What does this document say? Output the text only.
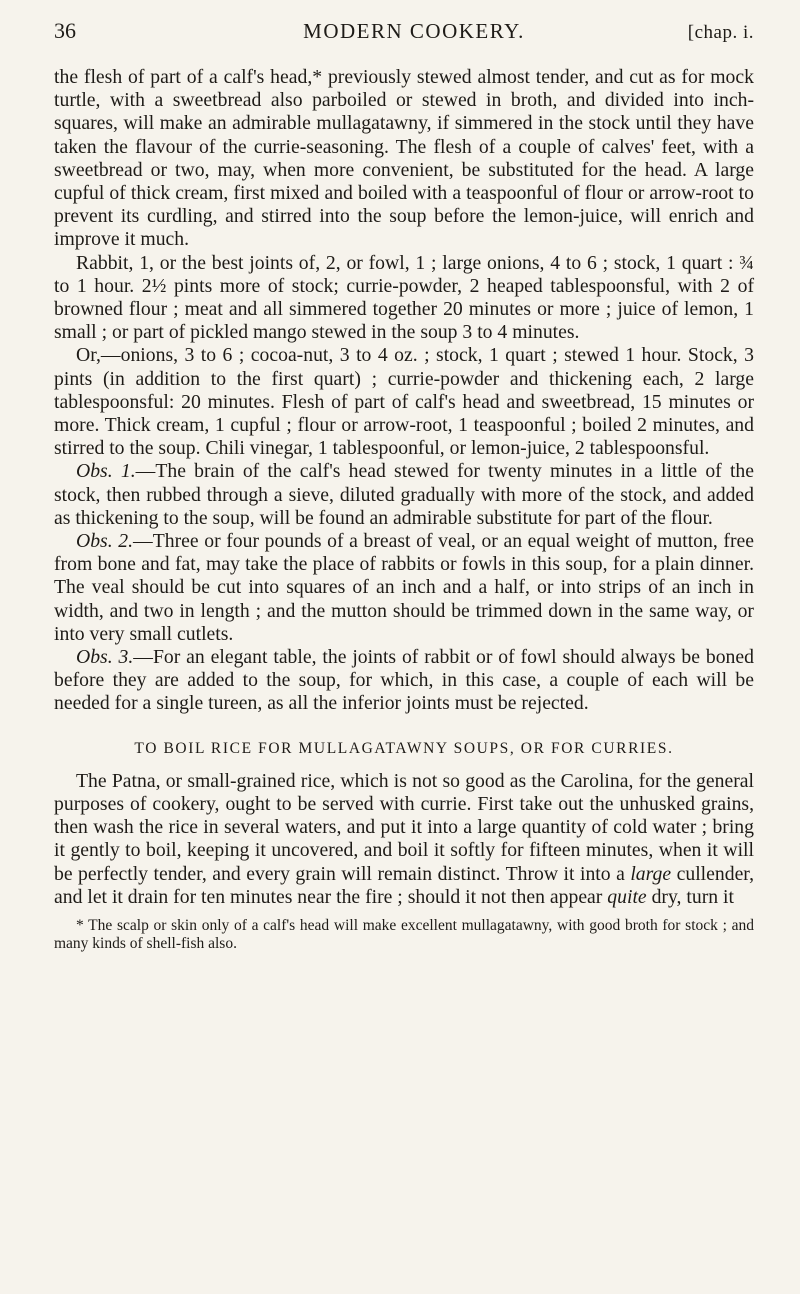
36	MODERN COOKERY.	[chap. i.

the flesh of part of a calf's head,* previously stewed almost tender, and cut as for mock turtle, with a sweetbread also parboiled or stewed in broth, and divided into inch-squares, will make an admirable mullagatawny, if simmered in the stock until they have taken the flavour of the currie-seasoning. The flesh of a couple of calves' feet, with a sweetbread or two, may, when more convenient, be substituted for the head. A large cupful of thick cream, first mixed and boiled with a teaspoonful of flour or arrow-root to prevent its curdling, and stirred into the soup before the lemon-juice, will enrich and improve it much.

Rabbit, 1, or the best joints of, 2, or fowl, 1 ; large onions, 4 to 6 ; stock, 1 quart : ¾ to 1 hour. 2½ pints more of stock; currie-powder, 2 heaped tablespoonsful, with 2 of browned flour ; meat and all simmered together 20 minutes or more ; juice of lemon, 1 small ; or part of pickled mango stewed in the soup 3 to 4 minutes.

Or,—onions, 3 to 6 ; cocoa-nut, 3 to 4 oz. ; stock, 1 quart ; stewed 1 hour. Stock, 3 pints (in addition to the first quart) ; currie-powder and thickening each, 2 large tablespoonsful: 20 minutes. Flesh of part of calf's head and sweetbread, 15 minutes or more. Thick cream, 1 cupful ; flour or arrow-root, 1 teaspoonful ; boiled 2 minutes, and stirred to the soup. Chili vinegar, 1 tablespoonful, or lemon-juice, 2 tablespoonsful.

Obs. 1.—The brain of the calf's head stewed for twenty minutes in a little of the stock, then rubbed through a sieve, diluted gradually with more of the stock, and added as thickening to the soup, will be found an admirable substitute for part of the flour.

Obs. 2.—Three or four pounds of a breast of veal, or an equal weight of mutton, free from bone and fat, may take the place of rabbits or fowls in this soup, for a plain dinner. The veal should be cut into squares of an inch and a half, or into strips of an inch in width, and two in length ; and the mutton should be trimmed down in the same way, or into very small cutlets.

Obs. 3.—For an elegant table, the joints of rabbit or of fowl should always be boned before they are added to the soup, for which, in this case, a couple of each will be needed for a single tureen, as all the inferior joints must be rejected.

TO BOIL RICE FOR MULLAGATAWNY SOUPS, OR FOR CURRIES.

The Patna, or small-grained rice, which is not so good as the Carolina, for the general purposes of cookery, ought to be served with currie. First take out the unhusked grains, then wash the rice in several waters, and put it into a large quantity of cold water ; bring it gently to boil, keeping it uncovered, and boil it softly for fifteen minutes, when it will be perfectly tender, and every grain will remain distinct. Throw it into a large cullender, and let it drain for ten minutes near the fire ; should it not then appear quite dry, turn it

* The scalp or skin only of a calf's head will make excellent mullagatawny, with good broth for stock ; and many kinds of shell-fish also.
